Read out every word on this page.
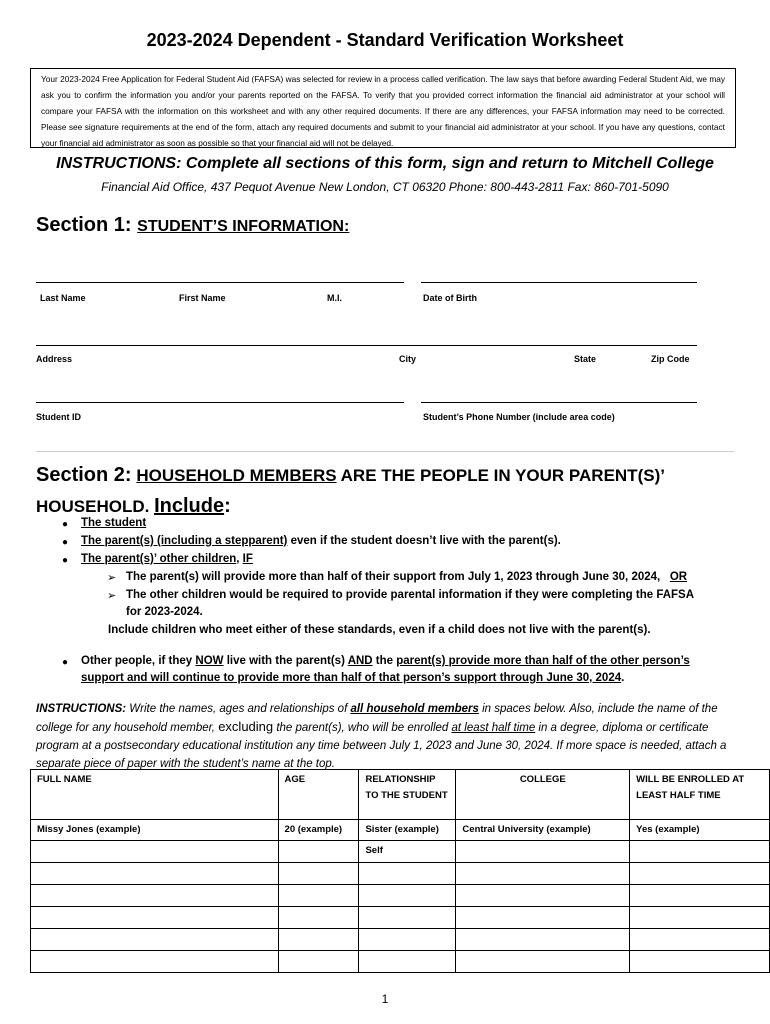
2023-2024 Dependent - Standard Verification Worksheet
Your 2023-2024 Free Application for Federal Student Aid (FAFSA) was selected for review in a process called verification. The law says that before awarding Federal Student Aid, we may ask you to confirm the information you and/or your parents reported on the FAFSA. To verify that you provided correct information the financial aid administrator at your school will compare your FAFSA with the information on this worksheet and with any other required documents. If there are any differences, your FAFSA information may need to be corrected. Please see signature requirements at the end of the form, attach any required documents and submit to your financial aid administrator at your school. If you have any questions, contact your financial aid administrator as soon as possible so that your financial aid will not be delayed.
INSTRUCTIONS: Complete all sections of this form, sign and return to Mitchell College
Financial Aid Office, 437 Pequot Avenue New London, CT 06320 Phone: 800-443-2811 Fax: 860-701-5090
Section 1: STUDENT’S INFORMATION:
Last Name	First Name	M.I.	Date of Birth
Address	City	State	Zip Code
Student ID	Student’s Phone Number (include area code)
Section 2: HOUSEHOLD MEMBERS ARE THE PEOPLE IN YOUR PARENT(S)’
HOUSEHOLD. Include:
● The student
● The parent(s) (including a stepparent) even if the student doesn’t live with the parent(s).
● The parent(s)’ other children, IF
➢ The parent(s) will provide more than half of their support from July 1, 2023 through June 30, 2024, OR
➢ The other children would be required to provide parental information if they were completing the FAFSA
for 2023-2024.
Include children who meet either of these standards, even if a child does not live with the parent(s).
● Other people, if they NOW live with the parent(s) AND the parent(s) provide more than half of the other person’s
support and will continue to provide more than half of that person’s support through June 30, 2024.
INSTRUCTIONS: Write the names, ages and relationships of all household members in spaces below. Also, include the name of the college for any household member, excluding the parent(s), who will be enrolled at least half time in a degree, diploma or certificate program at a postsecondary educational institution any time between July 1, 2023 and June 30, 2024. If more space is needed, attach a separate piece of paper with the student’s name at the top.
FULL NAME	AGE	RELATIONSHIP TO THE STUDENT	COLLEGE	WILL BE ENROLLED AT LEAST HALF TIME
Missy Jones (example)	20 (example)	Sister (example)	Central University (example)	Yes (example)
		Self		

1
